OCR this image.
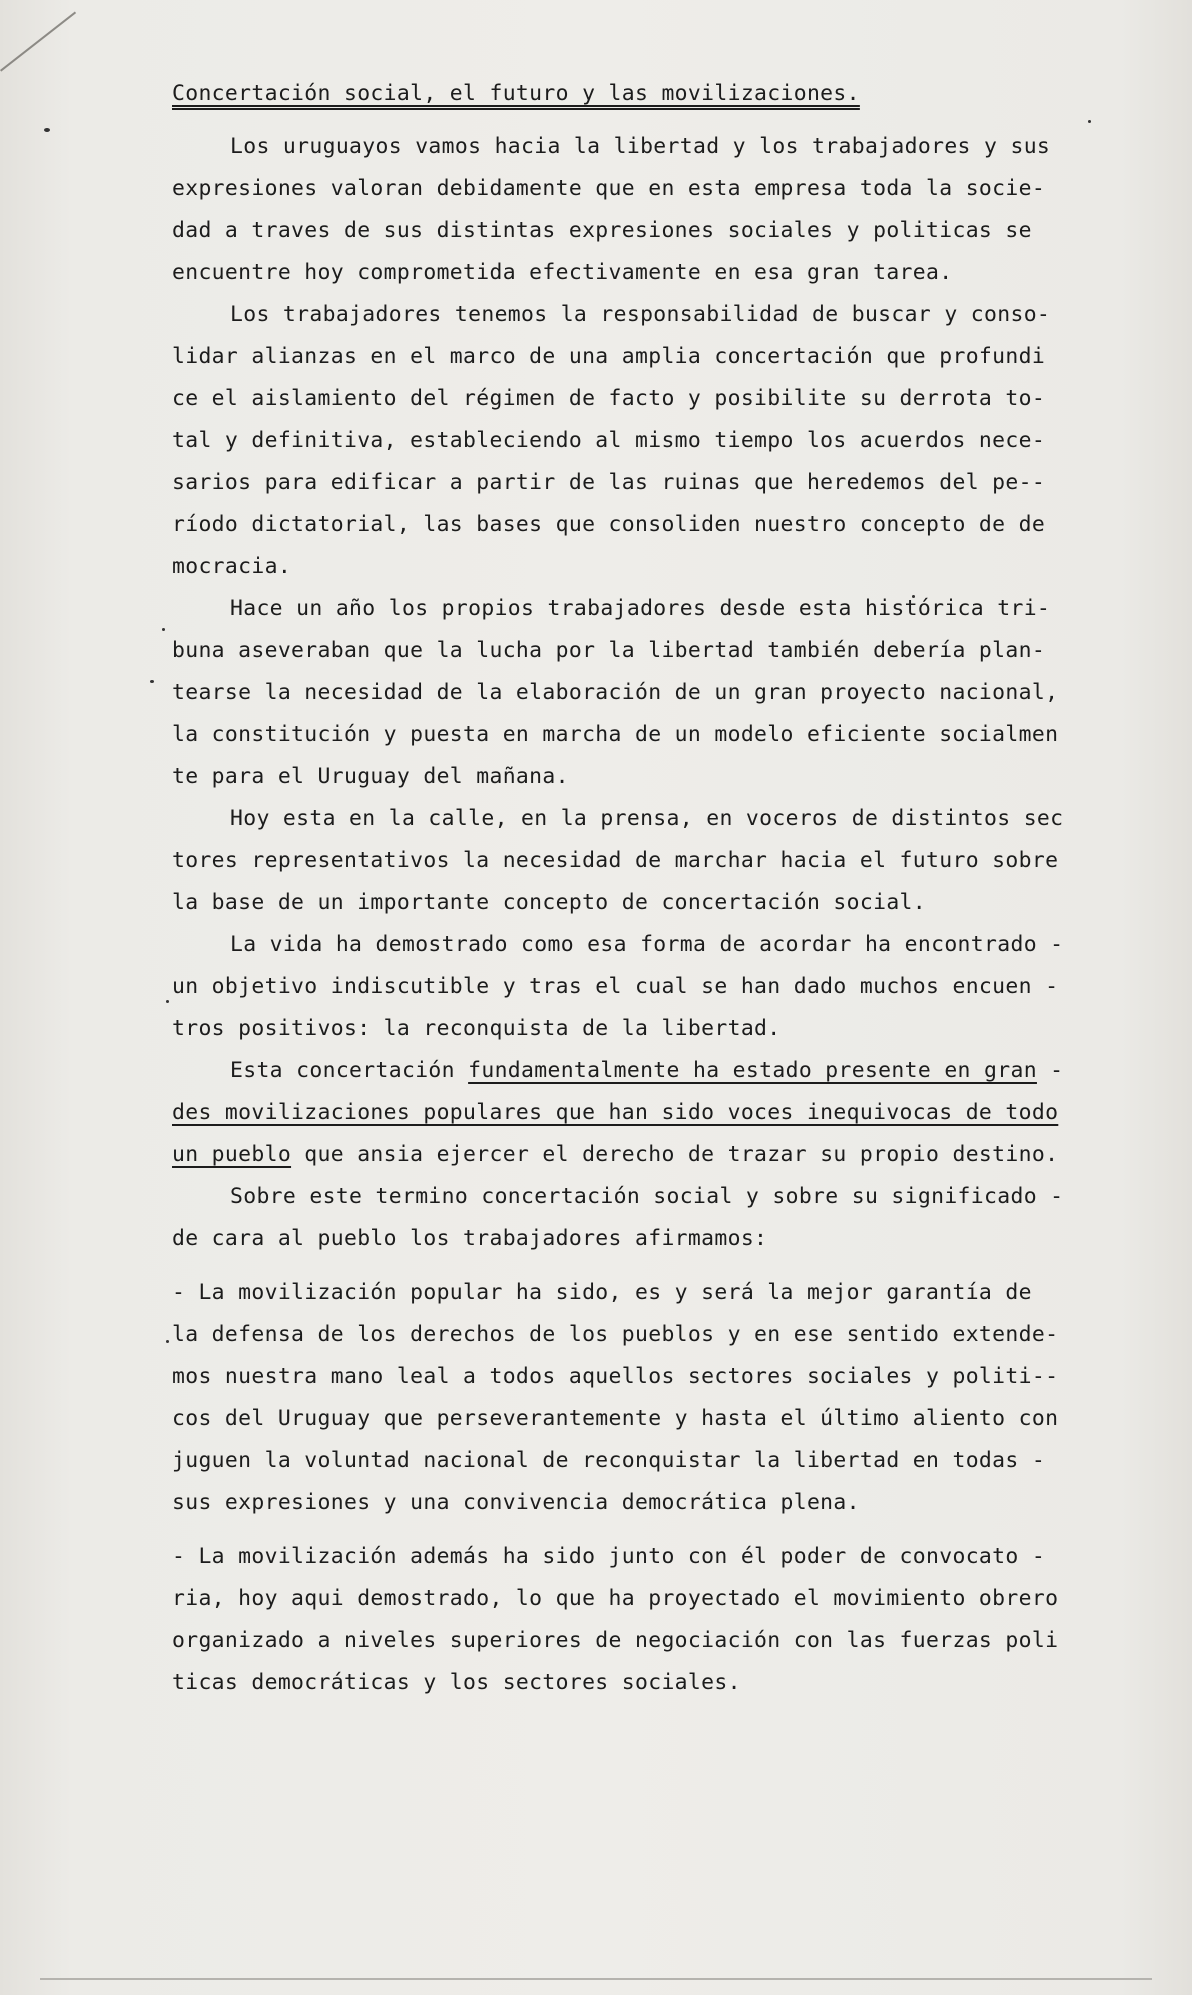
Concertación social, el futuro y las movilizaciones.
Los uruguayos vamos hacia la libertad y los trabajadores y sus
expresiones valoran debidamente que en esta empresa toda la socie-
dad a traves de sus distintas expresiones sociales y politicas se
encuentre hoy comprometida efectivamente en esa gran tarea.
Los trabajadores tenemos la responsabilidad de buscar y conso-
lidar alianzas en el marco de una amplia concertación que profundi
ce el aislamiento del régimen de facto y posibilite su derrota to-
tal y definitiva, estableciendo al mismo tiempo los acuerdos nece-
sarios para edificar a partir de las ruinas que heredemos del pe--
ríodo dictatorial, las bases que consoliden nuestro concepto de de
mocracia.
Hace un año los propios trabajadores desde esta histórica tri-
buna aseveraban que la lucha por la libertad también debería plan-
tearse la necesidad de la elaboración de un gran proyecto nacional,
la constitución y puesta en marcha de un modelo eficiente socialmen
te para el Uruguay del mañana.
Hoy esta en la calle, en la prensa, en voceros de distintos sec
tores representativos la necesidad de marchar hacia el futuro sobre
la base de un importante concepto de concertación social.
La vida ha demostrado como esa forma de acordar ha encontrado -
un objetivo indiscutible y tras el cual se han dado muchos encuen -
tros positivos: la reconquista de la libertad.
Esta concertación fundamentalmente ha estado presente en gran -
des movilizaciones populares que han sido voces inequivocas de todo
un pueblo que ansia ejercer el derecho de trazar su propio destino.
Sobre este termino concertación social y sobre su significado -
de cara al pueblo los trabajadores afirmamos:
- La movilización popular ha sido, es y será la mejor garantía de
la defensa de los derechos de los pueblos y en ese sentido extende-
mos nuestra mano leal a todos aquellos sectores sociales y politi--
cos del Uruguay que perseverantemente y hasta el último aliento con
juguen la voluntad nacional de reconquistar la libertad en todas -
sus expresiones y una convivencia democrática plena.
- La movilización además ha sido junto con él poder de convocato -
ria, hoy aqui demostrado, lo que ha proyectado el movimiento obrero
organizado a niveles superiores de negociación con las fuerzas poli
ticas democráticas y los sectores sociales.
